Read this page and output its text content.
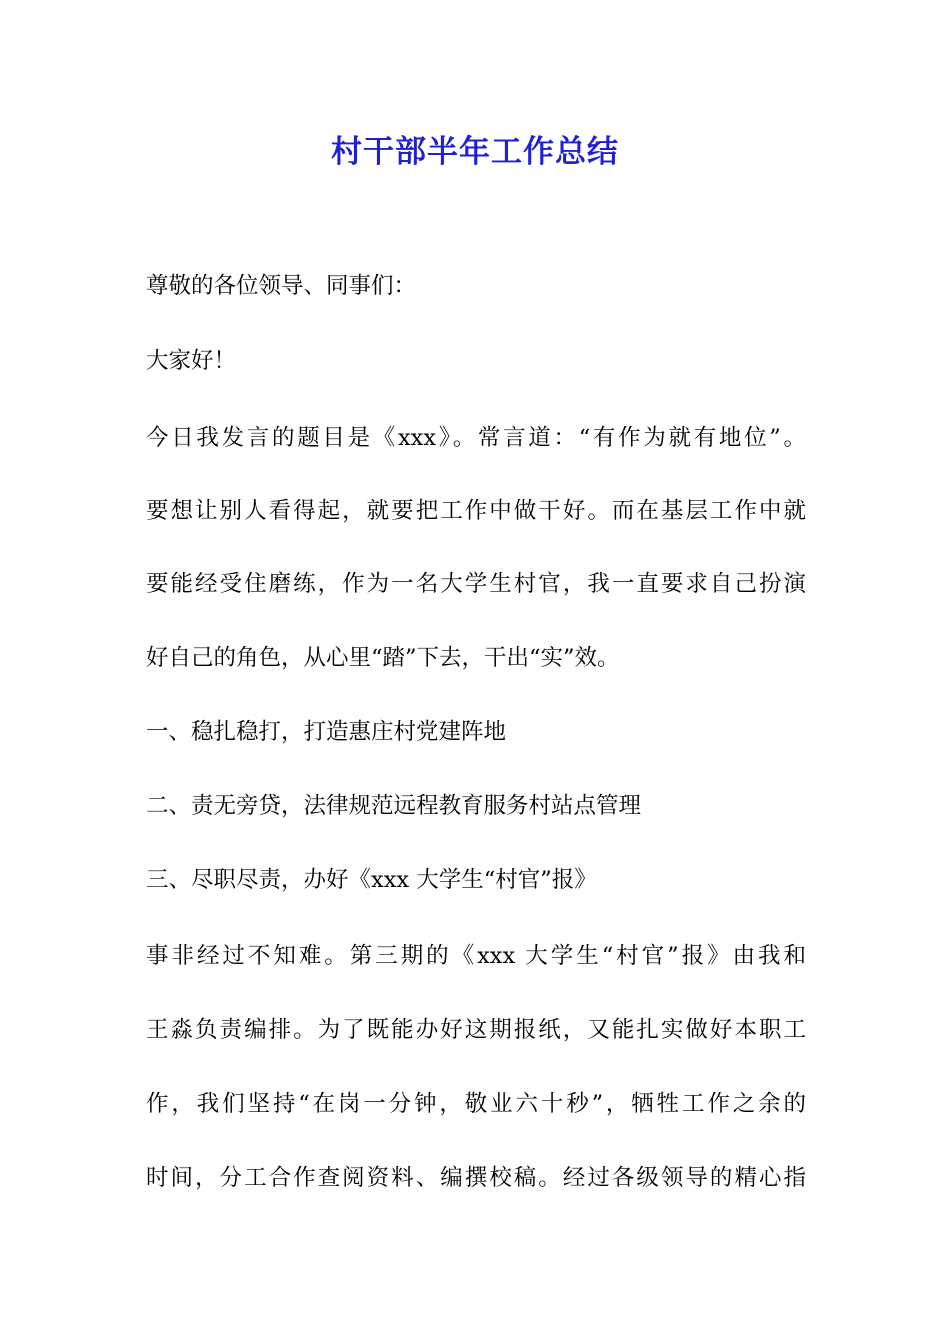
村干部半年工作总结

尊敬的各位领导、同事们：

大家好！

今日我发言的题目是《xxx》。常言道：“有作为就有地位”。

要想让别人看得起，就要把工作中做干好。而在基层工作中就

要能经受住磨练，作为一名大学生村官，我一直要求自己扮演

好自己的角色，从心里“踏”下去，干出“实”效。

一、稳扎稳打，打造惠庄村党建阵地

二、责无旁贷，法律规范远程教育服务村站点管理

三、尽职尽责，办好《xxx 大学生“村官”报》

事非经过不知难。第三期的《xxx 大学生“村官”报》由我和

王淼负责编排。为了既能办好这期报纸，又能扎实做好本职工

作，我们坚持“在岗一分钟，敬业六十秒”，牺牲工作之余的

时间，分工合作查阅资料、编撰校稿。经过各级领导的精心指
